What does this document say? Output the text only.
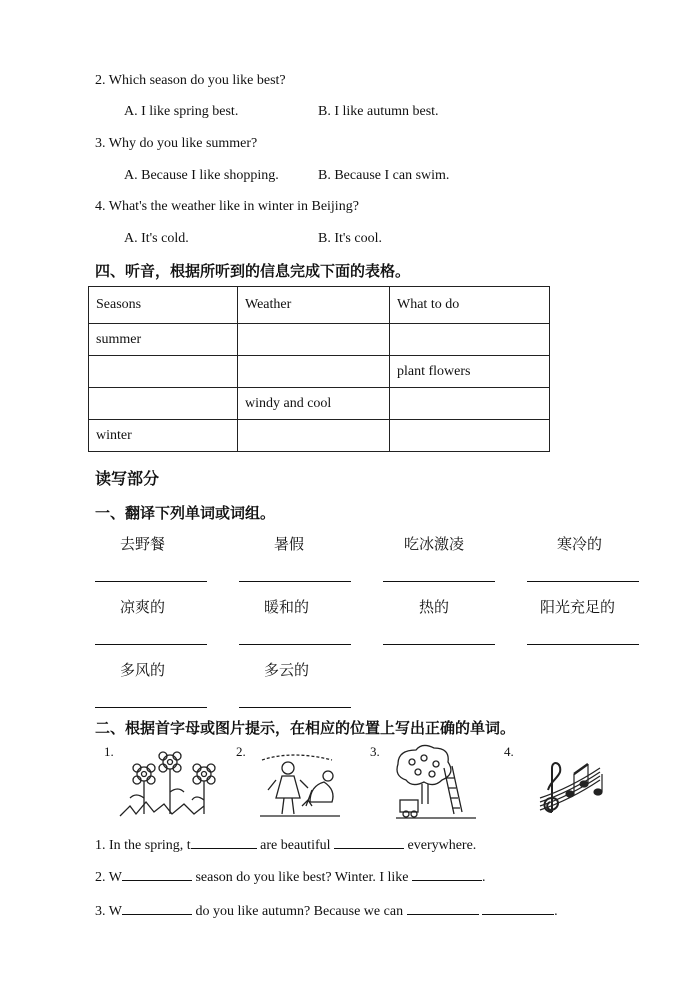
2. Which season do you like best?
A. I like spring best.	B. I like autumn best.
3. Why do you like summer?
A. Because I like shopping.	B. Because I can swim.
4. What's the weather like in winter in Beijing?
A. It's cold.	B. It's cool.
四、听音，根据所听到的信息完成下面的表格。
Seasons	Weather	What to do
summer		
		plant flowers
	windy and cool	
winter		
读写部分
一、翻译下列单词或词组。
去野餐	暑假	吃冰激凌	寒冷的
凉爽的	暖和的	热的	阳光充足的
多风的	多云的
二、根据首字母或图片提示，在相应的位置上写出正确的单词。
1.	2.	3.	4.
1. In the spring, t	are beautiful	everywhere.
2. W	season do you like best? Winter. I like	.
3. W	do you like autumn? Because we can	.
